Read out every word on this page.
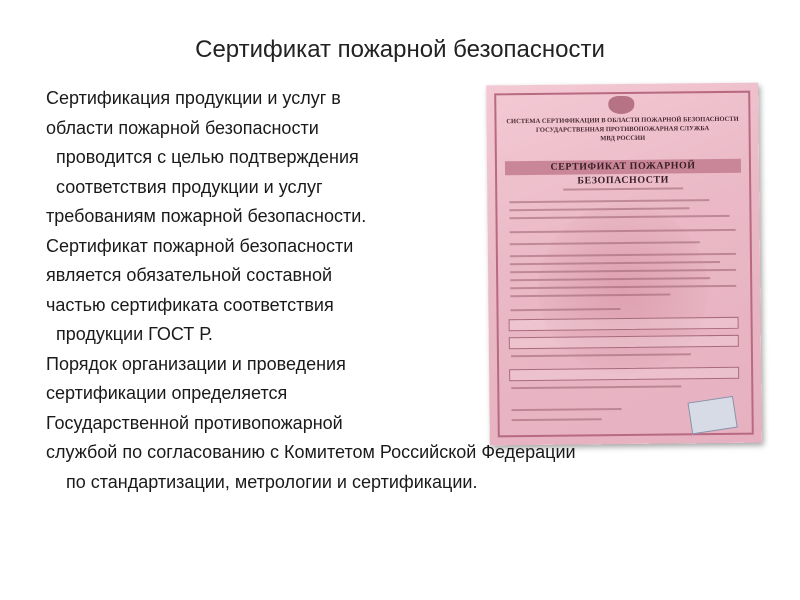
Сертификат пожарной безопасности
СИСТЕМА СЕРТИФИКАЦИИ В ОБЛАСТИ ПОЖАРНОЙ БЕЗОПАСНОСТИ
ГОСУДАРСТВЕННАЯ ПРОТИВОПОЖАРНАЯ СЛУЖБА
МВД РОССИИ
СЕРТИФИКАТ ПОЖАРНОЙ БЕЗОПАСНОСТИ
Сертификация продукции и услуг в
области пожарной безопасности
проводится с целью подтверждения
соответствия продукции и услуг
требованиям пожарной безопасности.
Сертификат пожарной безопасности
является обязательной составной
частью сертификата соответствия
продукции ГОСТ Р.
Порядок организации и проведения
сертификации определяется
Государственной противопожарной
службой по согласованию с Комитетом Российской Федерации
по стандартизации, метрологии и сертификации.
